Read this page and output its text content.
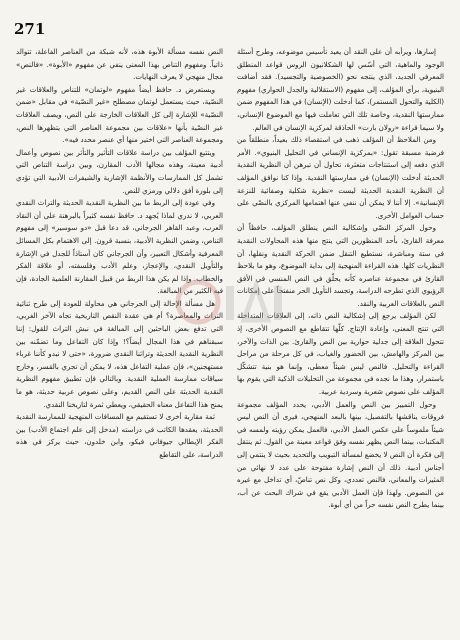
271

إسارها، ويرأبه أن على النقد أن يعيد تأسيس موضوعه، وطرح أسئلة الوجود والماهية، التي أسّس لها الشكلانيون الروس قواعد المنطلق المعرفي الجديد، الذي ينتجه نحو (الخصوصية والتجسيد). فقد أضافت البنيوية، برأي المؤلف، إلى مفهوم (الاستقلالية والجدل الحواري) مفهوم (الكلية والتحول المستمر)، كما أدخلت (الإنسان) في هذا المفهوم ضمن ممارستها النقدية، وخاصة تلك التي تعاملت فيها مع الموضوع الإنساني، ولا سيما قراءة «رولان بارت» الحاذقة لمركزية الإنسان في العالم.

ومن الملاحظ أن المؤلف ذهب في استقصاء ذلك بعيداً، منطلقاً من فرضية مسبقة تقول: «بمركزية الإنساني في التحليل البنيوي». الأمر الذي دفعه إلى استنتاجات متعثرة، تحاول أن تبرهن أن النظرية النقدية الحديثة أدخلت (الإنسان) في ممارستها النقدية. وإذا كنا نوافق المؤلف أن النظرية النقدية الحديثة ليست «نظرية شكلية وصفائية للنزعة الإنسانية». إلا أننا لا يمكن أن ننفي عنها اهتمامها المركزي بالنصّي على حساب العوامل الأخرى.

وحول المركز النصّي وإشكالية النص ينطلق المؤلف، حافظاً أن معرفة القارئ، بأحد المنظورين التي ينتج منها هذه المحاولات النقدية في ستة ومباشرة، نستطيع التنقل ضمن الحركة النقدية ونقلها، أن النظريات كلها. هذه القراءة المنهجية إلى بداية الموضوع، وهو ما يلاحظ القارئ في مجموعة عناصره كأنه يحلّق في النص المنسي في الأفق الرؤيوي الذي تطرحه الدراسة، وتجسد التأويل الحر منفتحاً على إمكانات النص بالعلاقات العربية والنقد.

لكن المؤلف يرجع إلى إشكالية النص ذاته، إلى العلاقات المتداخلة التي تنتج المعنى، وإعادة الإنتاج. كلّها تتقاطع مع النصوص الأخرى، إذ تتحول العلاقة إلى جدلية حوارية بين النص والقارئ. بين الذات والآخر، بين المركز والهامش، بين الحضور والغياب، في كل مرحلة من مراحل القراءة والتحليل. فالنص ليس شيئاً معطى، وإنما هو بنية تتشكّل باستمرار، وهذا ما نجده في مجموعة من التحليلات الذكية التي يقوم بها المؤلف على نصوص شعرية وسردية عربية.

وحول التمييز بين النص والعمل الأدبي، يحدد المؤلف مجموعة فروقات يناقشها بالتفصيل، بينها بالبعد المنهجي، فيرى أن النص ليس شيئاً ملموساً على عكس العمل الأدبي، فالعمل يمكن رؤيته ولمسه في المكتبات، بينما النص يظهر نفسه وفق قواعد معينة من القول. ثم ينتقل إلى فكرة أن النص لا يخضع لمسألة التبويب والتحديد بحيث لا ينتمي إلى أجناس أدبية. ذلك أن النص إشارة مفتوحة على عدد لا نهائي من المثيرات والمعاني، فالنص تعددي، وكل نص تناصّ، أي تداخل مع غيره من النصوص. ولهذا فإن العمل الأدبي يقع في شراك البحث عن أب، بينما يطرح النص نفسه حراً من أي أبوة.

النص نفسه مسألة الأبوة هذه، لأنه شبكة من العناصر الفاعلة، تتوالد ذاتياً. ومفهوم التناص بهذا المعنى ينفي عن مفهوم «الأبوة». «فالنص» مجال منهجي لا يعرف النهايات.

ويستعرض د. حافظ أيضاً مفهوم «لوتمان» للتناص والعلاقات غير النصّية، حيث يستعمل لوتمان مصطلح «غير النصّية» في مقابل «ضمن النصّية» للإشارة إلى كل العلاقات الخارجة على النص، ويصف العلاقات غير النصّية بأنها «علاقات بين مجموعة العناصر التي يتظهرها النص، ومجموعة العناصر التي اختير منها أي عنصر محدد فيه».

ويتتبع المؤلف بين دراسة علاقات التأثير والتأثر بين نصوص وأعمال أدبية معينة، وهذه مجالها الأدب المقارن، وبين دراسة التناص التي تشمل كل الممارسات والأنظمة الإشارية والشيفرات الأدبية التي تؤدي إلى بلورة أفق دلالي ورمزي للنص.

وفي عودة إلى الربط ما بين النظرية النقدية الحديثة والتراث النقدي العربي، لا ندري لماذا يُجهد د. حافظ نفسه كثيراً بالبرهنة على أن النقاد العرب، وعبد القاهر الجرجاني، قد دعا قبل «دو سوسير» إلى مفهوم التناص، وضمن النظرية الأدبية، بنسبة قرون. إلى الاهتمام بكل المسائل المعرفية وأشكال التعبير، وأن الجرجاني كان أستاذاً للجدل في الإشارة والتأويل النقدي، والإعجاز، وعلم الأدب وفلسفته، أو علاقة الفكر والخطاب. وإذا لم يكن هذا الربط من قبيل المقارنة العلمية الجادة، فإن فيه الكثير من المبالغة.

هل مسألة الإحالة إلى الجرجاني هي محاولة للعودة إلى طرح ثنائية التراث والمعاصرة؟ أم هي عقدة النقص التاريخية تجاه الآخر الغربي، التي تدفع بعض الباحثين إلى المبالغة في نبش التراث للقول: إننا سبقناهم في هذا المجال أيضاً؟! وإذا كان التفاعل وما تضمّنه بين النظرية النقدية الحديثة وتراثنا النقدي ضرورة، «حتى لا نبدو كأننا غرباء مستهجنين»، فإن عملية التفاعل هذه، لا يمكن أن تجري بالقسر، وخارج سياقات ممارسة العملية النقدية. وبالتالي فإن تطبيق مفهوم النظرية النقدية الحديثة على النص القديم، وعلى نصوص عربية حديثة، هو ما يمنح هذا التفاعل معناه الحقيقي، ويعطي ثمرة لتاريخنا النقدي.

ثمة مقاربة أخرى لا تستقيم مع المسافات المنهجية للممارسة النقدية الحديثة، يعقدها الكاتب في دراسته (مدخل إلى علم اجتماع الأدب) بين الفكر الإيطالي جيوفاني فيكو، وابن خلدون، حيث يركز في هذه الدراسة، على التقاطع
